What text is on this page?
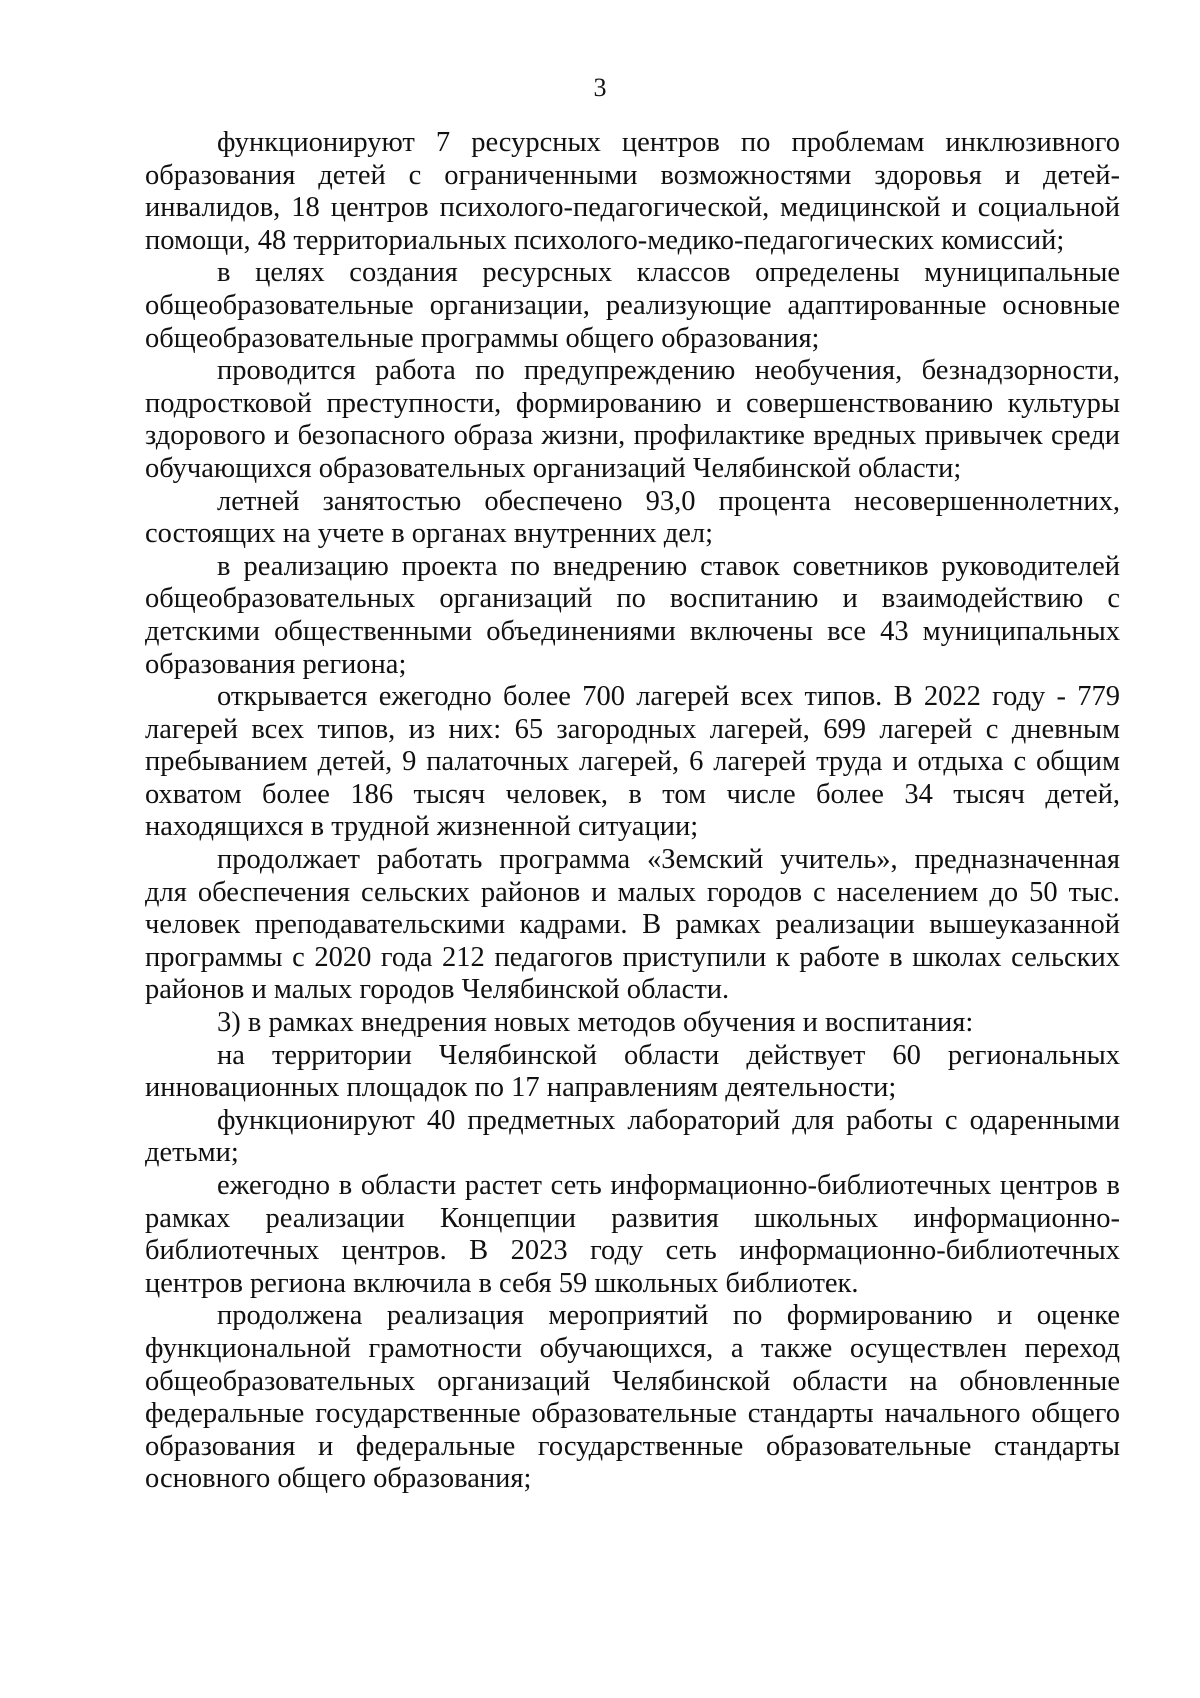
3

функционируют 7 ресурсных центров по проблемам инклюзивного образования детей с ограниченными возможностями здоровья и детей-инвалидов, 18 центров психолого-педагогической, медицинской и социальной помощи, 48 территориальных психолого-медико-педагогических комиссий;

в целях создания ресурсных классов определены муниципальные общеобразовательные организации, реализующие адаптированные основные общеобразовательные программы общего образования;

проводится работа по предупреждению необучения, безнадзорности, подростковой преступности, формированию и совершенствованию культуры здорового и безопасного образа жизни, профилактике вредных привычек среди обучающихся образовательных организаций Челябинской области;

летней занятостью обеспечено 93,0 процента несовершеннолетних, состоящих на учете в органах внутренних дел;

в реализацию проекта по внедрению ставок советников руководителей общеобразовательных организаций по воспитанию и взаимодействию с детскими общественными объединениями включены все 43 муниципальных образования региона;

открывается ежегодно более 700 лагерей всех типов. В 2022 году - 779 лагерей всех типов, из них: 65 загородных лагерей, 699 лагерей с дневным пребыванием детей, 9 палаточных лагерей, 6 лагерей труда и отдыха с общим охватом более 186 тысяч человек, в том числе более 34 тысяч детей, находящихся в трудной жизненной ситуации;

продолжает работать программа «Земский учитель», предназначенная для обеспечения сельских районов и малых городов с населением до 50 тыс. человек преподавательскими кадрами. В рамках реализации вышеуказанной программы с 2020 года 212 педагогов приступили к работе в школах сельских районов и малых городов Челябинской области.

3) в рамках внедрения новых методов обучения и воспитания:

на территории Челябинской области действует 60 региональных инновационных площадок по 17 направлениям деятельности;

функционируют 40 предметных лабораторий для работы с одаренными детьми;

ежегодно в области растет сеть информационно-библиотечных центров в рамках реализации Концепции развития школьных информационно-библиотечных центров. В 2023 году сеть информационно-библиотечных центров региона включила в себя 59 школьных библиотек.

продолжена реализация мероприятий по формированию и оценке функциональной грамотности обучающихся, а также осуществлен переход общеобразовательных организаций Челябинской области на обновленные федеральные государственные образовательные стандарты начального общего образования и федеральные государственные образовательные стандарты основного общего образования;
